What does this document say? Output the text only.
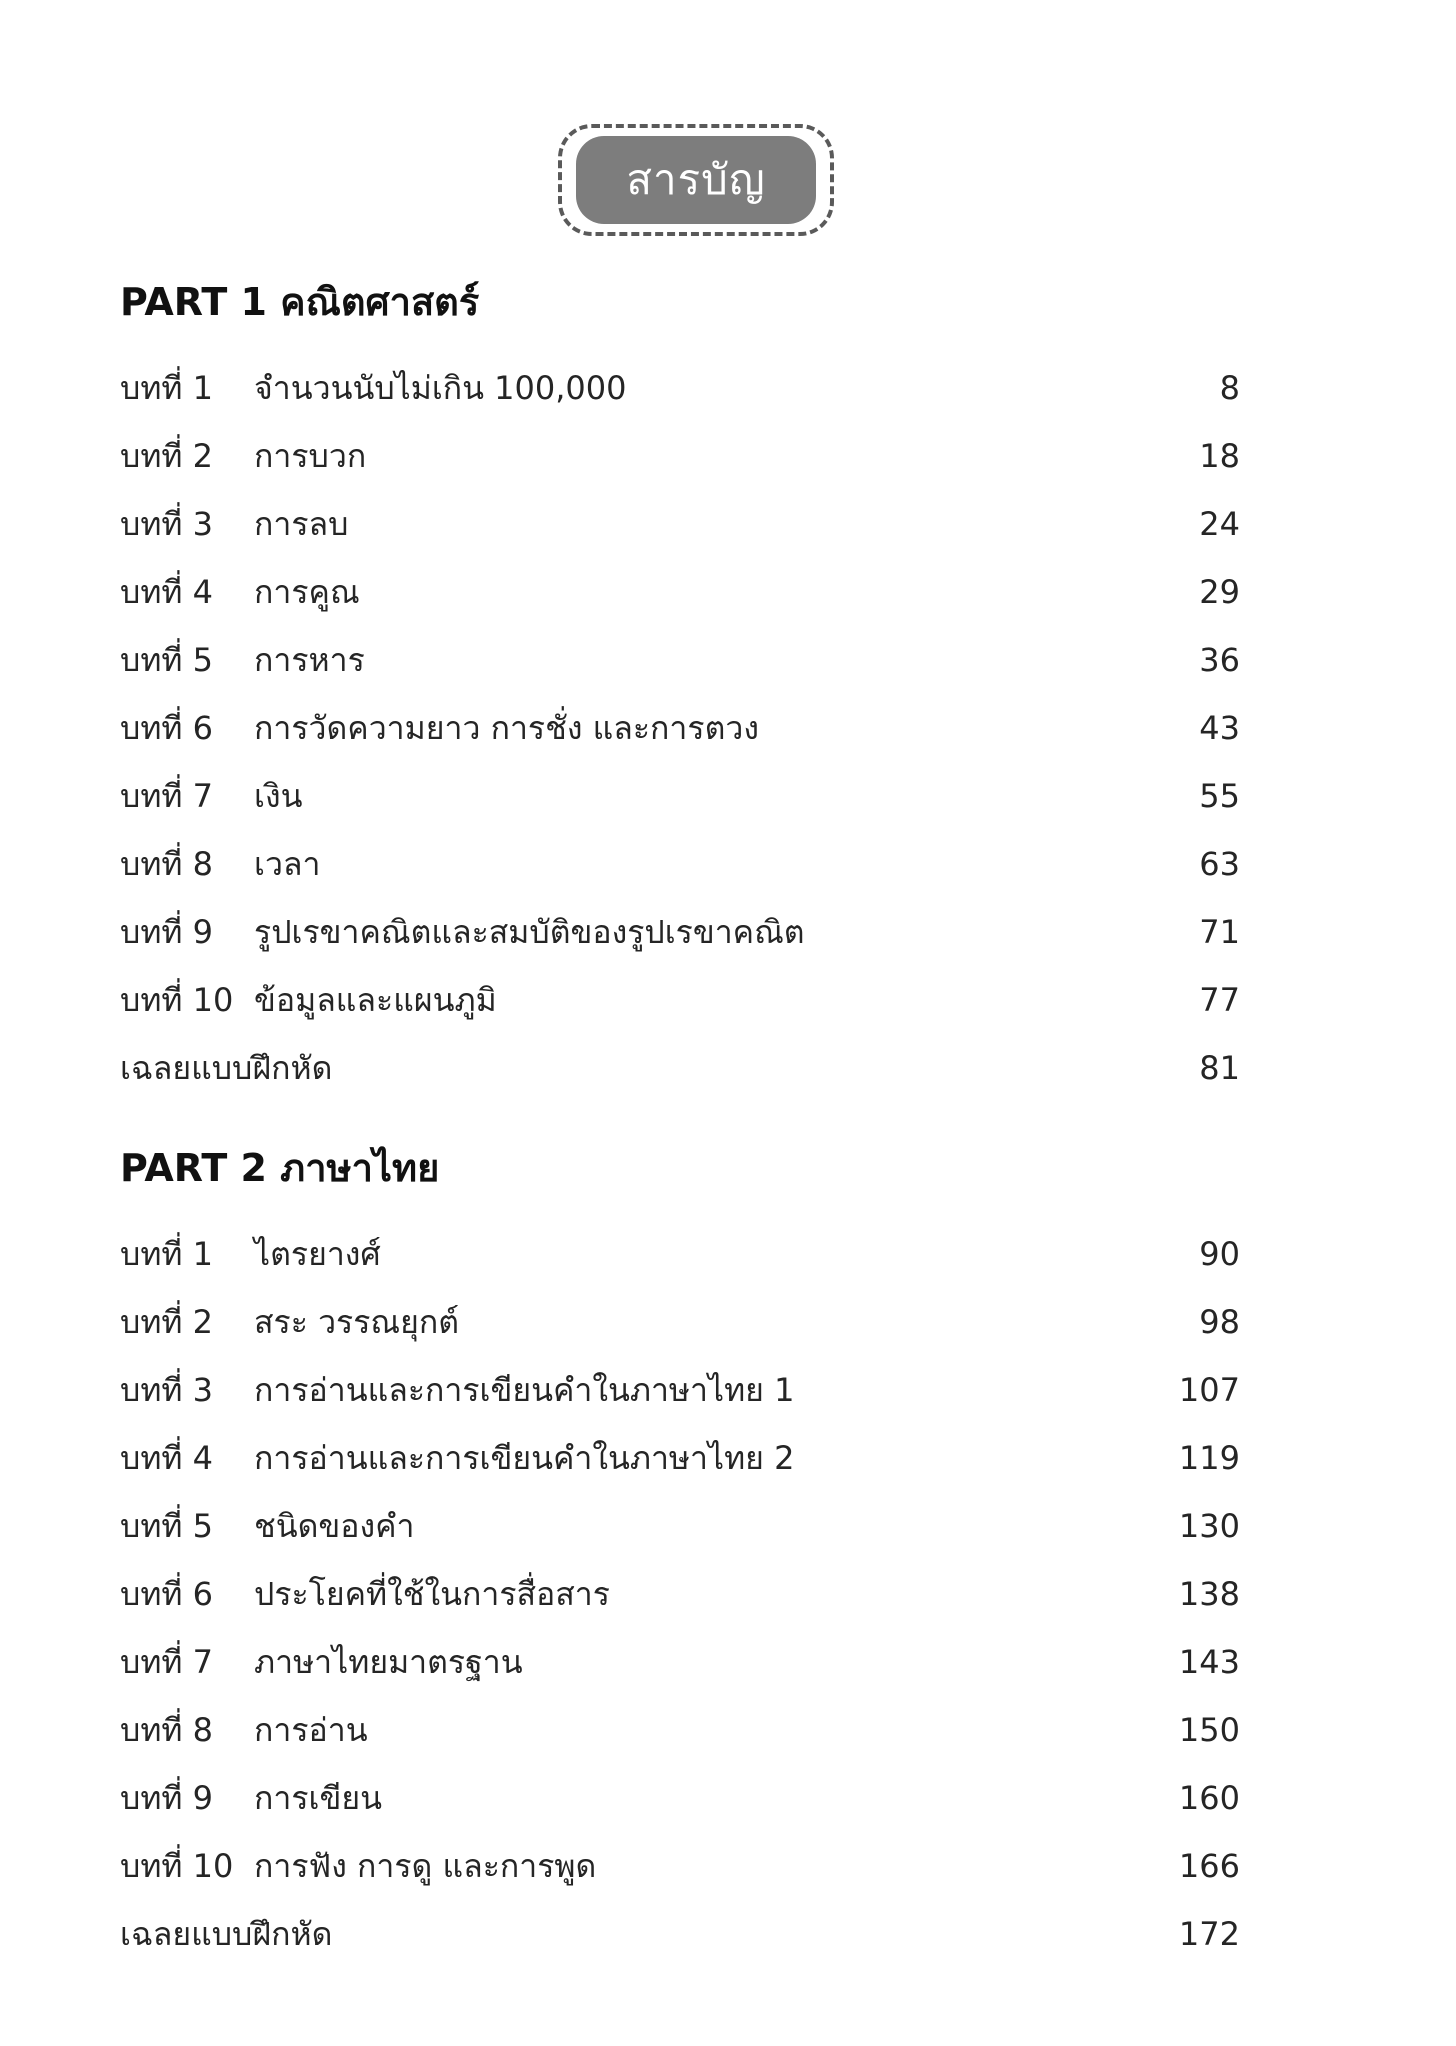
สารบัญ
PART 1 คณิตศาสตร์
บทที่ 1 จำนวนนับไม่เกิน 100,000	8
บทที่ 2 การบวก	18
บทที่ 3 การลบ	24
บทที่ 4 การคูณ	29
บทที่ 5 การหาร	36
บทที่ 6 การวัดความยาว การชั่ง และการตวง	43
บทที่ 7 เงิน	55
บทที่ 8 เวลา	63
บทที่ 9 รูปเรขาคณิตและสมบัติของรูปเรขาคณิต	71
บทที่ 10 ข้อมูลและแผนภูมิ	77
เฉลยแบบฝึกหัด	81
PART 2 ภาษาไทย
บทที่ 1 ไตรยางศ์	90
บทที่ 2 สระ วรรณยุกต์	98
บทที่ 3 การอ่านและการเขียนคำในภาษาไทย 1	107
บทที่ 4 การอ่านและการเขียนคำในภาษาไทย 2	119
บทที่ 5 ชนิดของคำ	130
บทที่ 6 ประโยคที่ใช้ในการสื่อสาร	138
บทที่ 7 ภาษาไทยมาตรฐาน	143
บทที่ 8 การอ่าน	150
บทที่ 9 การเขียน	160
บทที่ 10 การฟัง การดู และการพูด	166
เฉลยแบบฝึกหัด	172
